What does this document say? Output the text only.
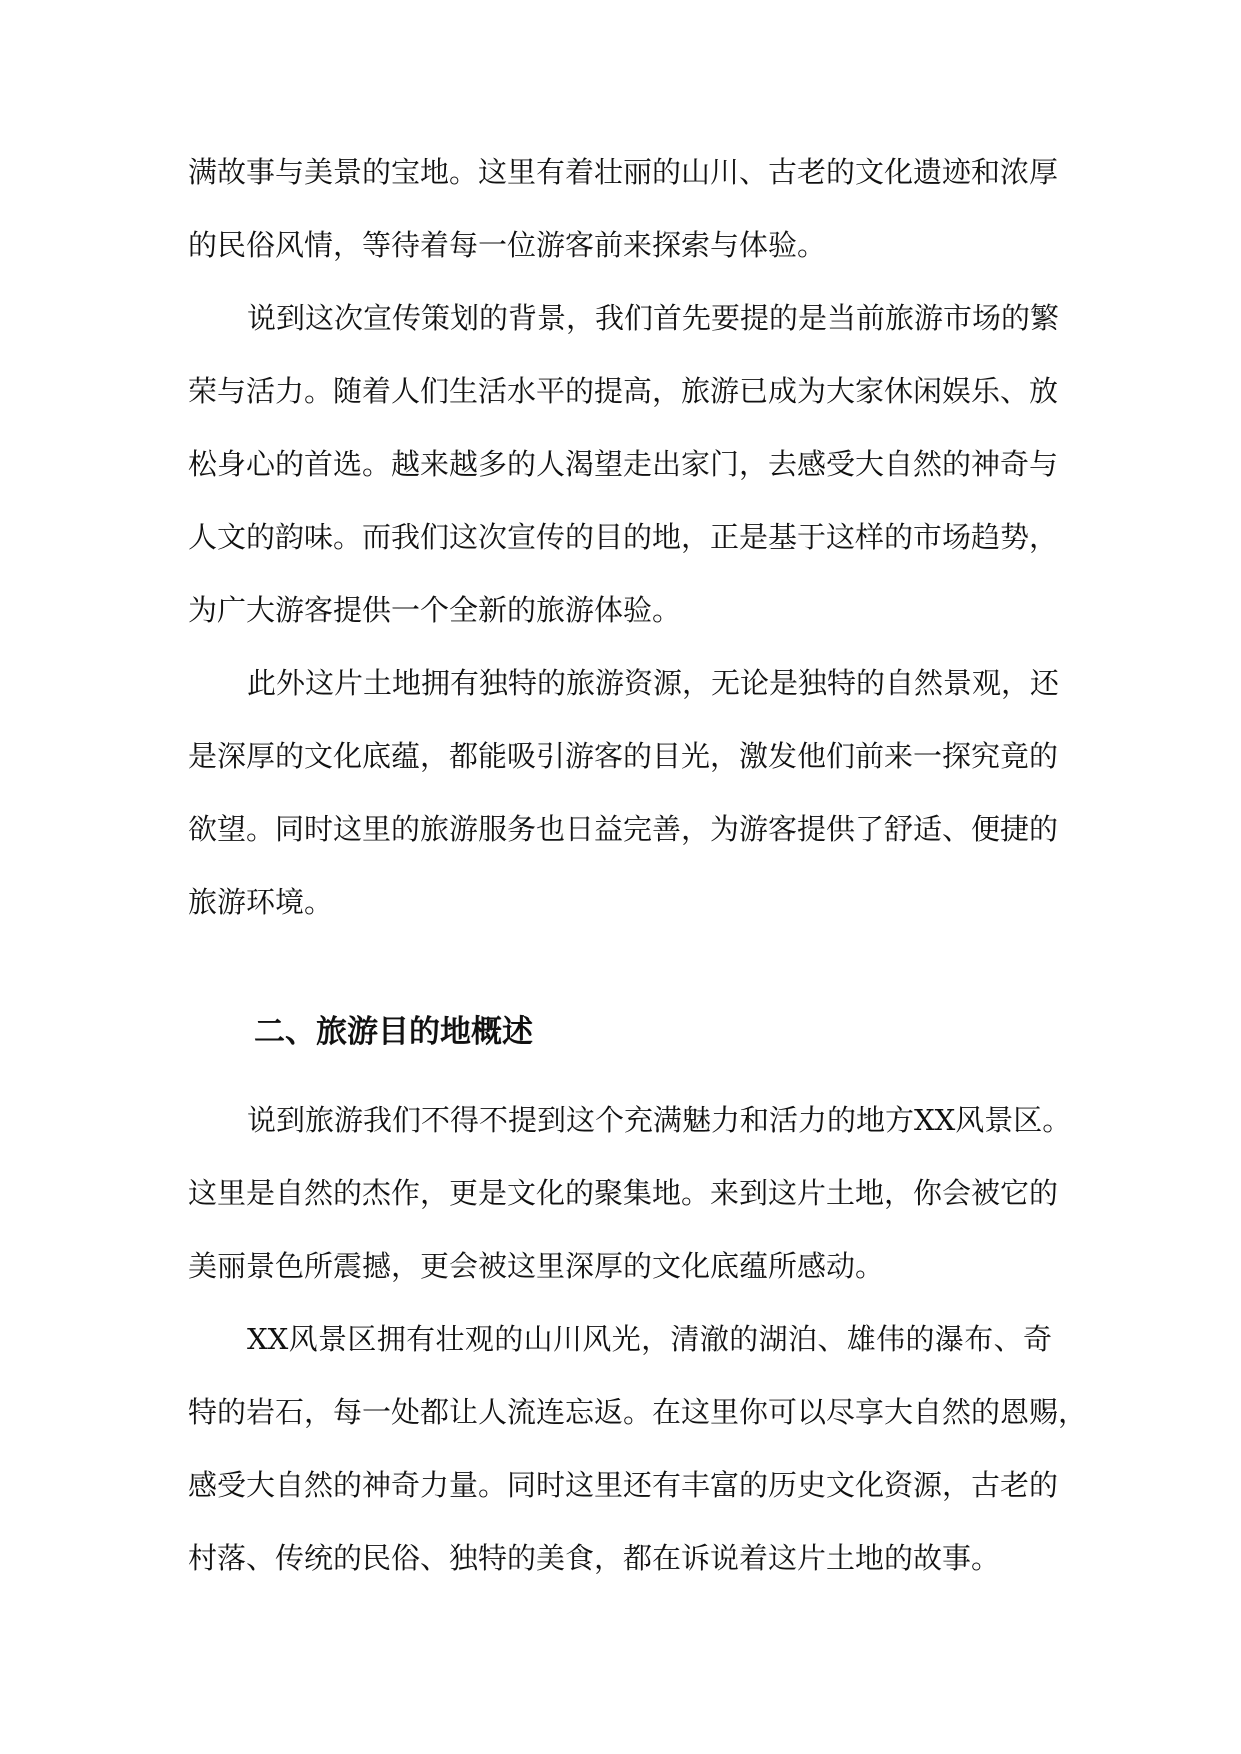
满故事与美景的宝地。这里有着壮丽的山川、古老的文化遗迹和浓厚
的民俗风情，等待着每一位游客前来探索与体验。
说到这次宣传策划的背景，我们首先要提的是当前旅游市场的繁
荣与活力。随着人们生活水平的提高，旅游已成为大家休闲娱乐、放
松身心的首选。越来越多的人渴望走出家门，去感受大自然的神奇与
人文的韵味。而我们这次宣传的目的地，正是基于这样的市场趋势，
为广大游客提供一个全新的旅游体验。
此外这片土地拥有独特的旅游资源，无论是独特的自然景观，还
是深厚的文化底蕴，都能吸引游客的目光，激发他们前来一探究竟的
欲望。同时这里的旅游服务也日益完善，为游客提供了舒适、便捷的
旅游环境。
二、旅游目的地概述
说到旅游我们不得不提到这个充满魅力和活力的地方XX风景区。
这里是自然的杰作，更是文化的聚集地。来到这片土地，你会被它的
美丽景色所震撼，更会被这里深厚的文化底蕴所感动。
XX风景区拥有壮观的山川风光，清澈的湖泊、雄伟的瀑布、奇
特的岩石，每一处都让人流连忘返。在这里你可以尽享大自然的恩赐，
感受大自然的神奇力量。同时这里还有丰富的历史文化资源，古老的
村落、传统的民俗、独特的美食，都在诉说着这片土地的故事。
